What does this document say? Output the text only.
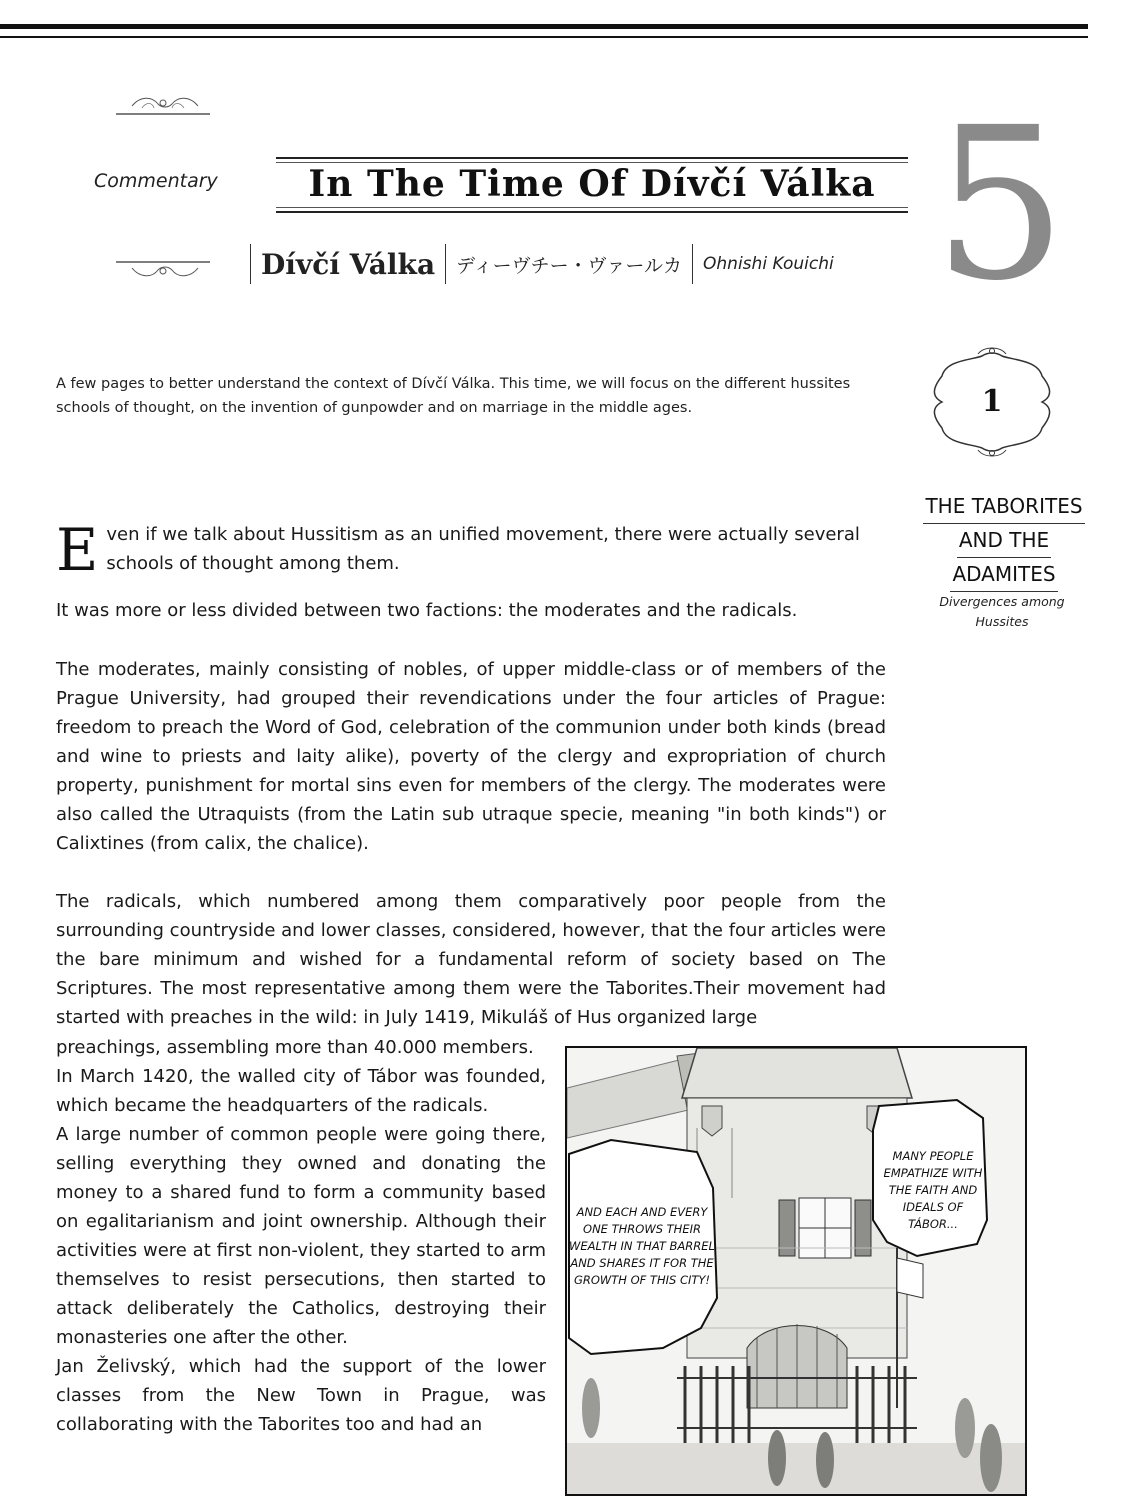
Commentary	In The Time Of Dívčí Válka
Dívčí Válka ディーヴチー・ヴァールカ Ohnishi Kouichi 5
A few pages to better understand the context of Dívčí Válka. This time, we will focus on the different hussites schools of thought, on the invention of gunpowder and on marriage in the middle ages.	1
THE TABORITES
AND THE
ADAMITES
Divergences among Hussites
E ven if we talk about Hussitism as an unified movement, there were actually several schools of thought among them.

It was more or less divided between two factions: the moderates and the radicals.

The moderates, mainly consisting of nobles, of upper middle-class or of members of the Prague University, had grouped their revendications under the four articles of Prague: freedom to preach the Word of God, celebration of the communion under both kinds (bread and wine to priests and laity alike), poverty of the clergy and expropriation of church property, punishment for mortal sins even for members of the clergy. The moderates were also called the Utraquists (from the Latin sub utraque specie, meaning "in both kinds") or Calixtines (from calix, the chalice).

The radicals, which numbered among them comparatively poor people from the surrounding countryside and lower classes, considered, however, that the four articles were the bare minimum and wished for a fundamental reform of society based on The Scriptures. The most representative among them were the Taborites.Their movement had started with preaches in the wild: in July 1419, Mikuláš of Hus organized large

preachings, assembling more than 40.000 members.

In March 1420, the walled city of Tábor was founded, which became the headquarters of the radicals.

A large number of common people were going there, selling everything they owned and donating the money to a shared fund to form a community based on egalitarianism and joint ownership. Although their activities were at first non-violent, they started to arm themselves to resist persecutions, then started to attack deliberately the Catholics, destroying their monasteries one after the other.

Jan Želivský, which had the support of the lower classes from the New Town in Prague, was collaborating with the Taborites too and had an

AND EACH AND EVERY ONE THROWS THEIR WEALTH IN THAT BARREL AND SHARES IT FOR THE GROWTH OF THIS CITY!
MANY PEOPLE EMPATHIZE WITH THE FAITH AND IDEALS OF TÁBOR...
